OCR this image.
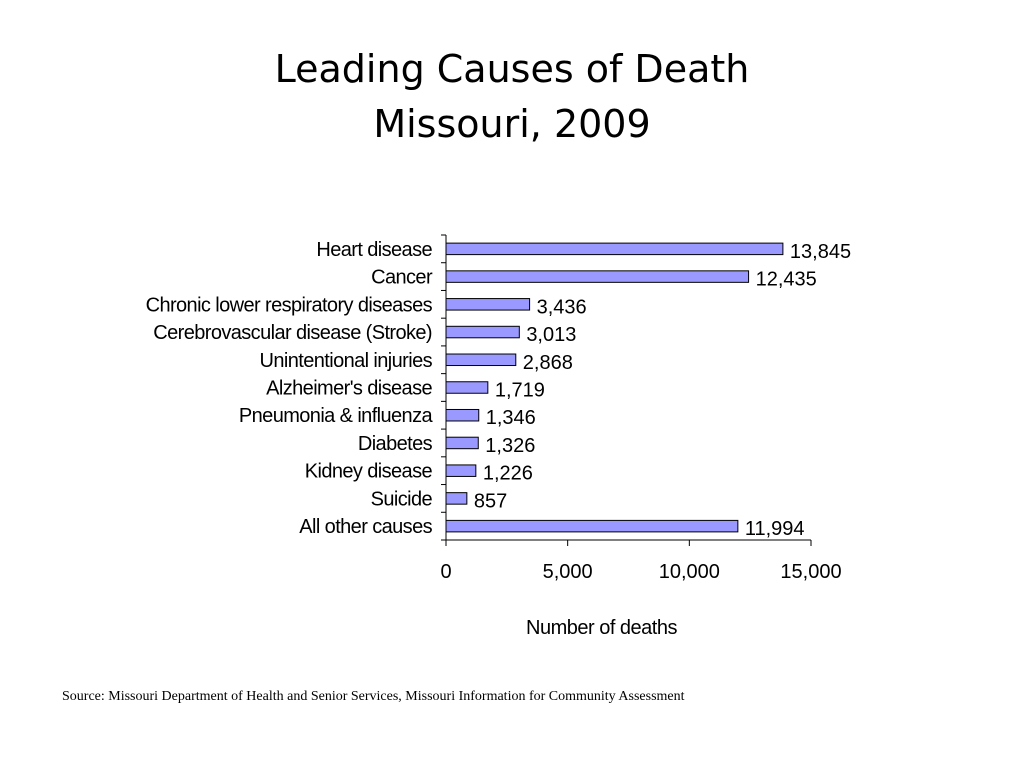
Leading Causes of Death
Missouri, 2009
0	5,000	10,000	15,000
Number of deaths
Heart disease	13,845
Cancer	12,435
Chronic lower respiratory diseases	3,436
Cerebrovascular disease (Stroke)	3,013
Unintentional injuries	2,868
Alzheimer's disease	1,719
Pneumonia & influenza	1,346
Diabetes	1,326
Kidney disease	1,226
Suicide 857
All other causes	11,994
Source: Missouri Department of Health and Senior Services, Missouri Information for Community Assessment
